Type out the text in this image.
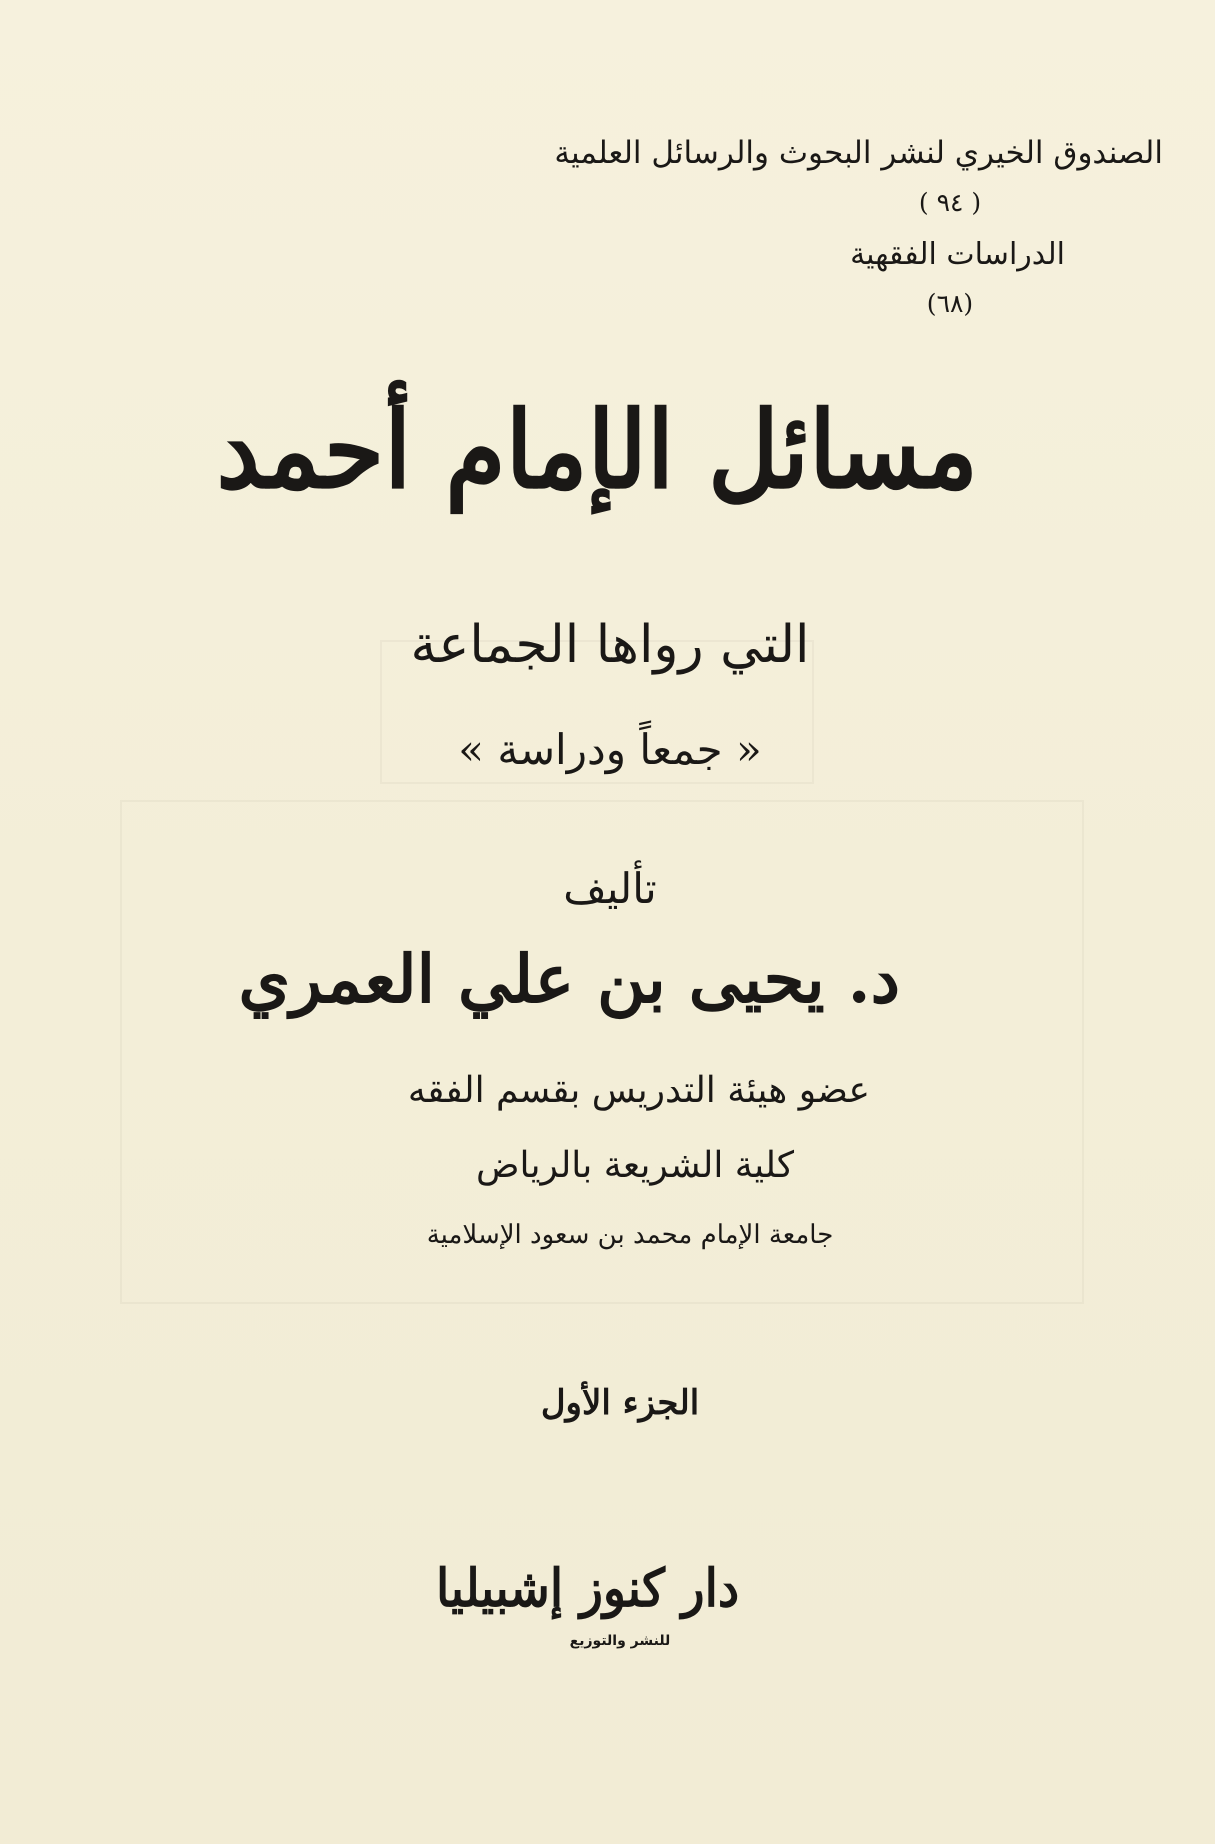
الصندوق الخيري لنشر البحوث والرسائل العلمية
( ٩٤ )
الدراسات الفقهية
(٦٨)
مسائل الإمام أحمد
التي رواها الجماعة
« جمعاً ودراسة »
تأليف
د. يحيى بن علي العمري
عضو هيئة التدريس بقسم الفقه
كلية الشريعة بالرياض
جامعة الإمام محمد بن سعود الإسلامية
الجزء الأول
دار كنوز إشبيليا
للنشر والتوزيع
